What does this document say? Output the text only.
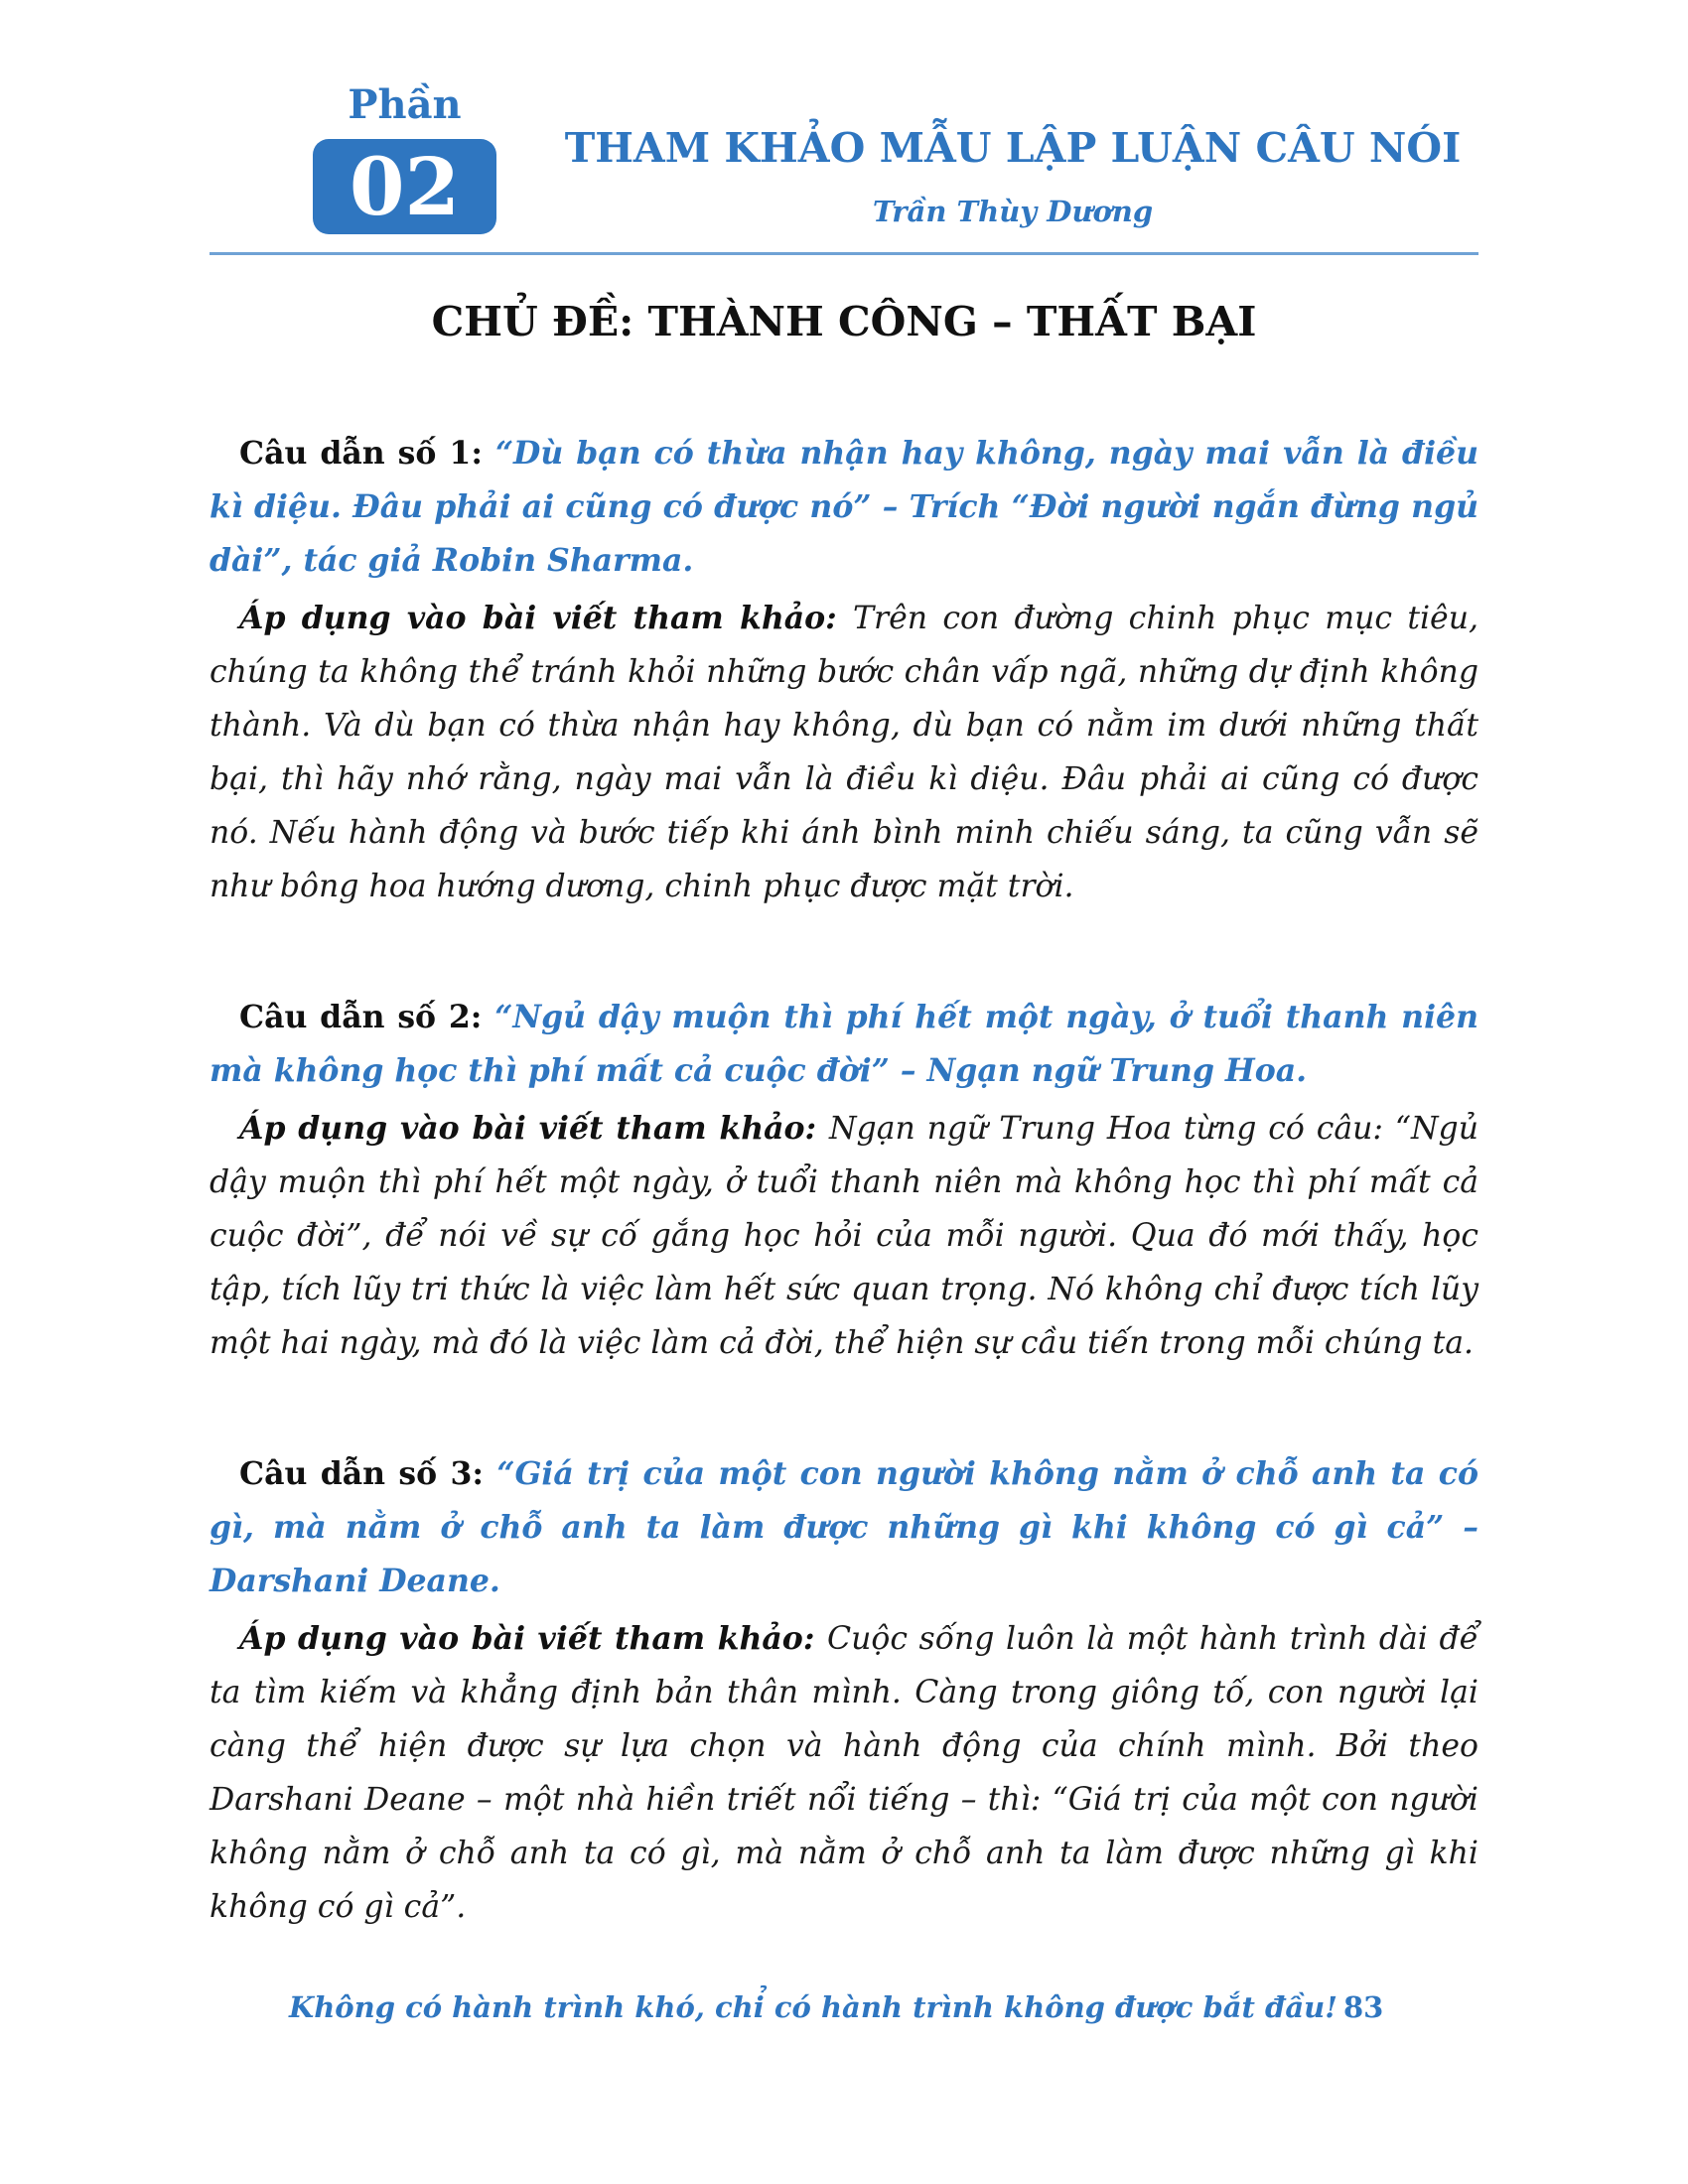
Phần
02	THAM KHẢO MẪU LẬP LUẬN CÂU NÓI
Trần Thùy Dương
CHỦ ĐỀ: THÀNH CÔNG – THẤT BẠI

Câu dẫn số 1: “Dù bạn có thừa nhận hay không, ngày mai vẫn là điều kì diệu. Đâu phải ai cũng có được nó” – Trích “Đời người ngắn đừng ngủ dài”, tác giả Robin Sharma.

Áp dụng vào bài viết tham khảo: Trên con đường chinh phục mục tiêu, chúng ta không thể tránh khỏi những bước chân vấp ngã, những dự định không thành. Và dù bạn có thừa nhận hay không, dù bạn có nằm im dưới những thất bại, thì hãy nhớ rằng, ngày mai vẫn là điều kì diệu. Đâu phải ai cũng có được nó. Nếu hành động và bước tiếp khi ánh bình minh chiếu sáng, ta cũng vẫn sẽ như bông hoa hướng dương, chinh phục được mặt trời.

Câu dẫn số 2: “Ngủ dậy muộn thì phí hết một ngày, ở tuổi thanh niên mà không học thì phí mất cả cuộc đời” – Ngạn ngữ Trung Hoa.

Áp dụng vào bài viết tham khảo: Ngạn ngữ Trung Hoa từng có câu: “Ngủ dậy muộn thì phí hết một ngày, ở tuổi thanh niên mà không học thì phí mất cả cuộc đời”, để nói về sự cố gắng học hỏi của mỗi người. Qua đó mới thấy, học tập, tích lũy tri thức là việc làm hết sức quan trọng. Nó không chỉ được tích lũy một hai ngày, mà đó là việc làm cả đời, thể hiện sự cầu tiến trong mỗi chúng ta.

Câu dẫn số 3: “Giá trị của một con người không nằm ở chỗ anh ta có gì, mà nằm ở chỗ anh ta làm được những gì khi không có gì cả” – Darshani Deane.

Áp dụng vào bài viết tham khảo: Cuộc sống luôn là một hành trình dài để ta tìm kiếm và khẳng định bản thân mình. Càng trong giông tố, con người lại càng thể hiện được sự lựa chọn và hành động của chính mình. Bởi theo Darshani Deane – một nhà hiền triết nổi tiếng – thì: “Giá trị của một con người không nằm ở chỗ anh ta có gì, mà nằm ở chỗ anh ta làm được những gì khi không có gì cả”.

Không có hành trình khó, chỉ có hành trình không được bắt đầu! 83
